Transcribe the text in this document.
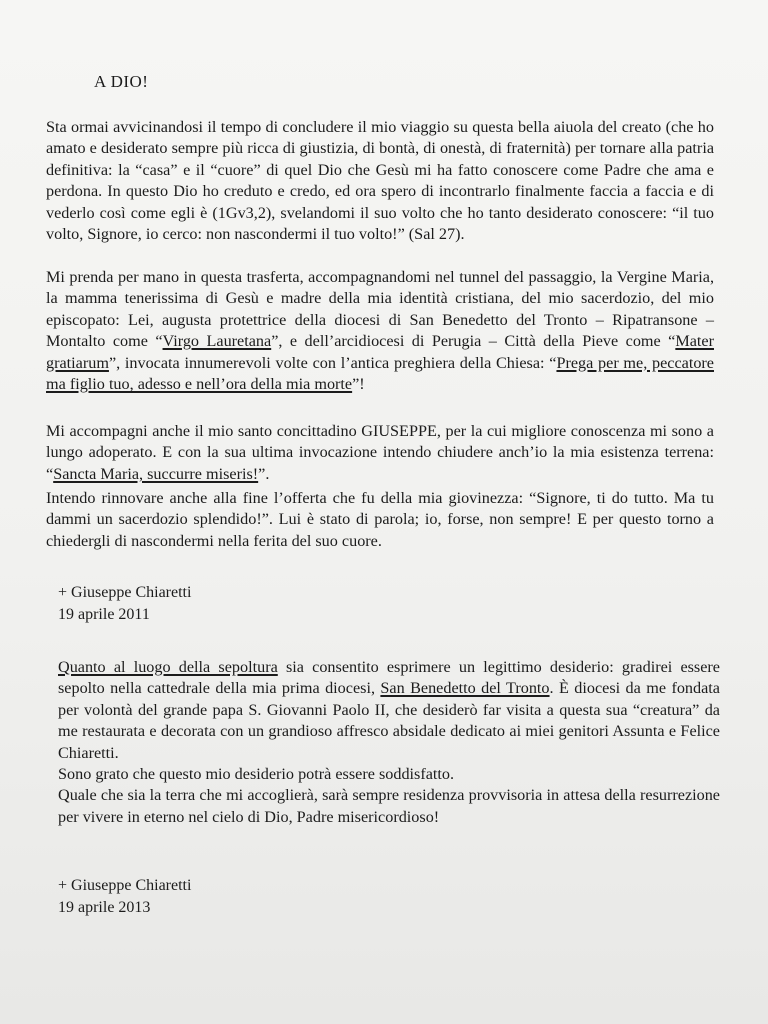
A DIO!
Sta ormai avvicinandosi il tempo di concludere il mio viaggio su questa bella aiuola del creato (che ho amato e desiderato sempre più ricca di giustizia, di bontà, di onestà, di fraternità) per tornare alla patria definitiva: la “casa” e il “cuore” di quel Dio che Gesù mi ha fatto conoscere come Padre che ama e perdona. In questo Dio ho creduto e credo, ed ora spero di incontrarlo finalmente faccia a faccia e di vederlo così come egli è (1Gv3,2), svelandomi il suo volto che ho tanto desiderato conoscere: “il tuo volto, Signore, io cerco: non nascondermi il tuo volto!” (Sal 27).
Mi prenda per mano in questa trasferta, accompagnandomi nel tunnel del passaggio, la Vergine Maria, la mamma tenerissima di Gesù e madre della mia identità cristiana, del mio sacerdozio, del mio episcopato: Lei, augusta protettrice della diocesi di San Benedetto del Tronto – Ripatransone – Montalto come “Virgo Lauretana”, e dell’arcidiocesi di Perugia – Città della Pieve come “Mater gratiarum”, invocata innumerevoli volte con l’antica preghiera della Chiesa: “Prega per me, peccatore ma figlio tuo, adesso e nell’ora della mia morte”!
Mi accompagni anche il mio santo concittadino GIUSEPPE, per la cui migliore conoscenza mi sono a lungo adoperato. E con la sua ultima invocazione intendo chiudere anch’io la mia esistenza terrena: “Sancta Maria, succurre miseris!”.
Intendo rinnovare anche alla fine l’offerta che fu della mia giovinezza: “Signore, ti do tutto. Ma tu dammi un sacerdozio splendido!”. Lui è stato di parola; io, forse, non sempre! E per questo torno a chiedergli di nascondermi nella ferita del suo cuore.
+ Giuseppe Chiaretti
19 aprile 2011
Quanto al luogo della sepoltura sia consentito esprimere un legittimo desiderio: gradirei essere sepolto nella cattedrale della mia prima diocesi, San Benedetto del Tronto. È diocesi da me fondata per volontà del grande papa S. Giovanni Paolo II, che desiderò far visita a questa sua “creatura” da me restaurata e decorata con un grandioso affresco absidale dedicato ai miei genitori Assunta e Felice Chiaretti.
Sono grato che questo mio desiderio potrà essere soddisfatto.
Quale che sia la terra che mi accoglierà, sarà sempre residenza provvisoria in attesa della resurrezione per vivere in eterno nel cielo di Dio, Padre misericordioso!
+ Giuseppe Chiaretti
19 aprile 2013
